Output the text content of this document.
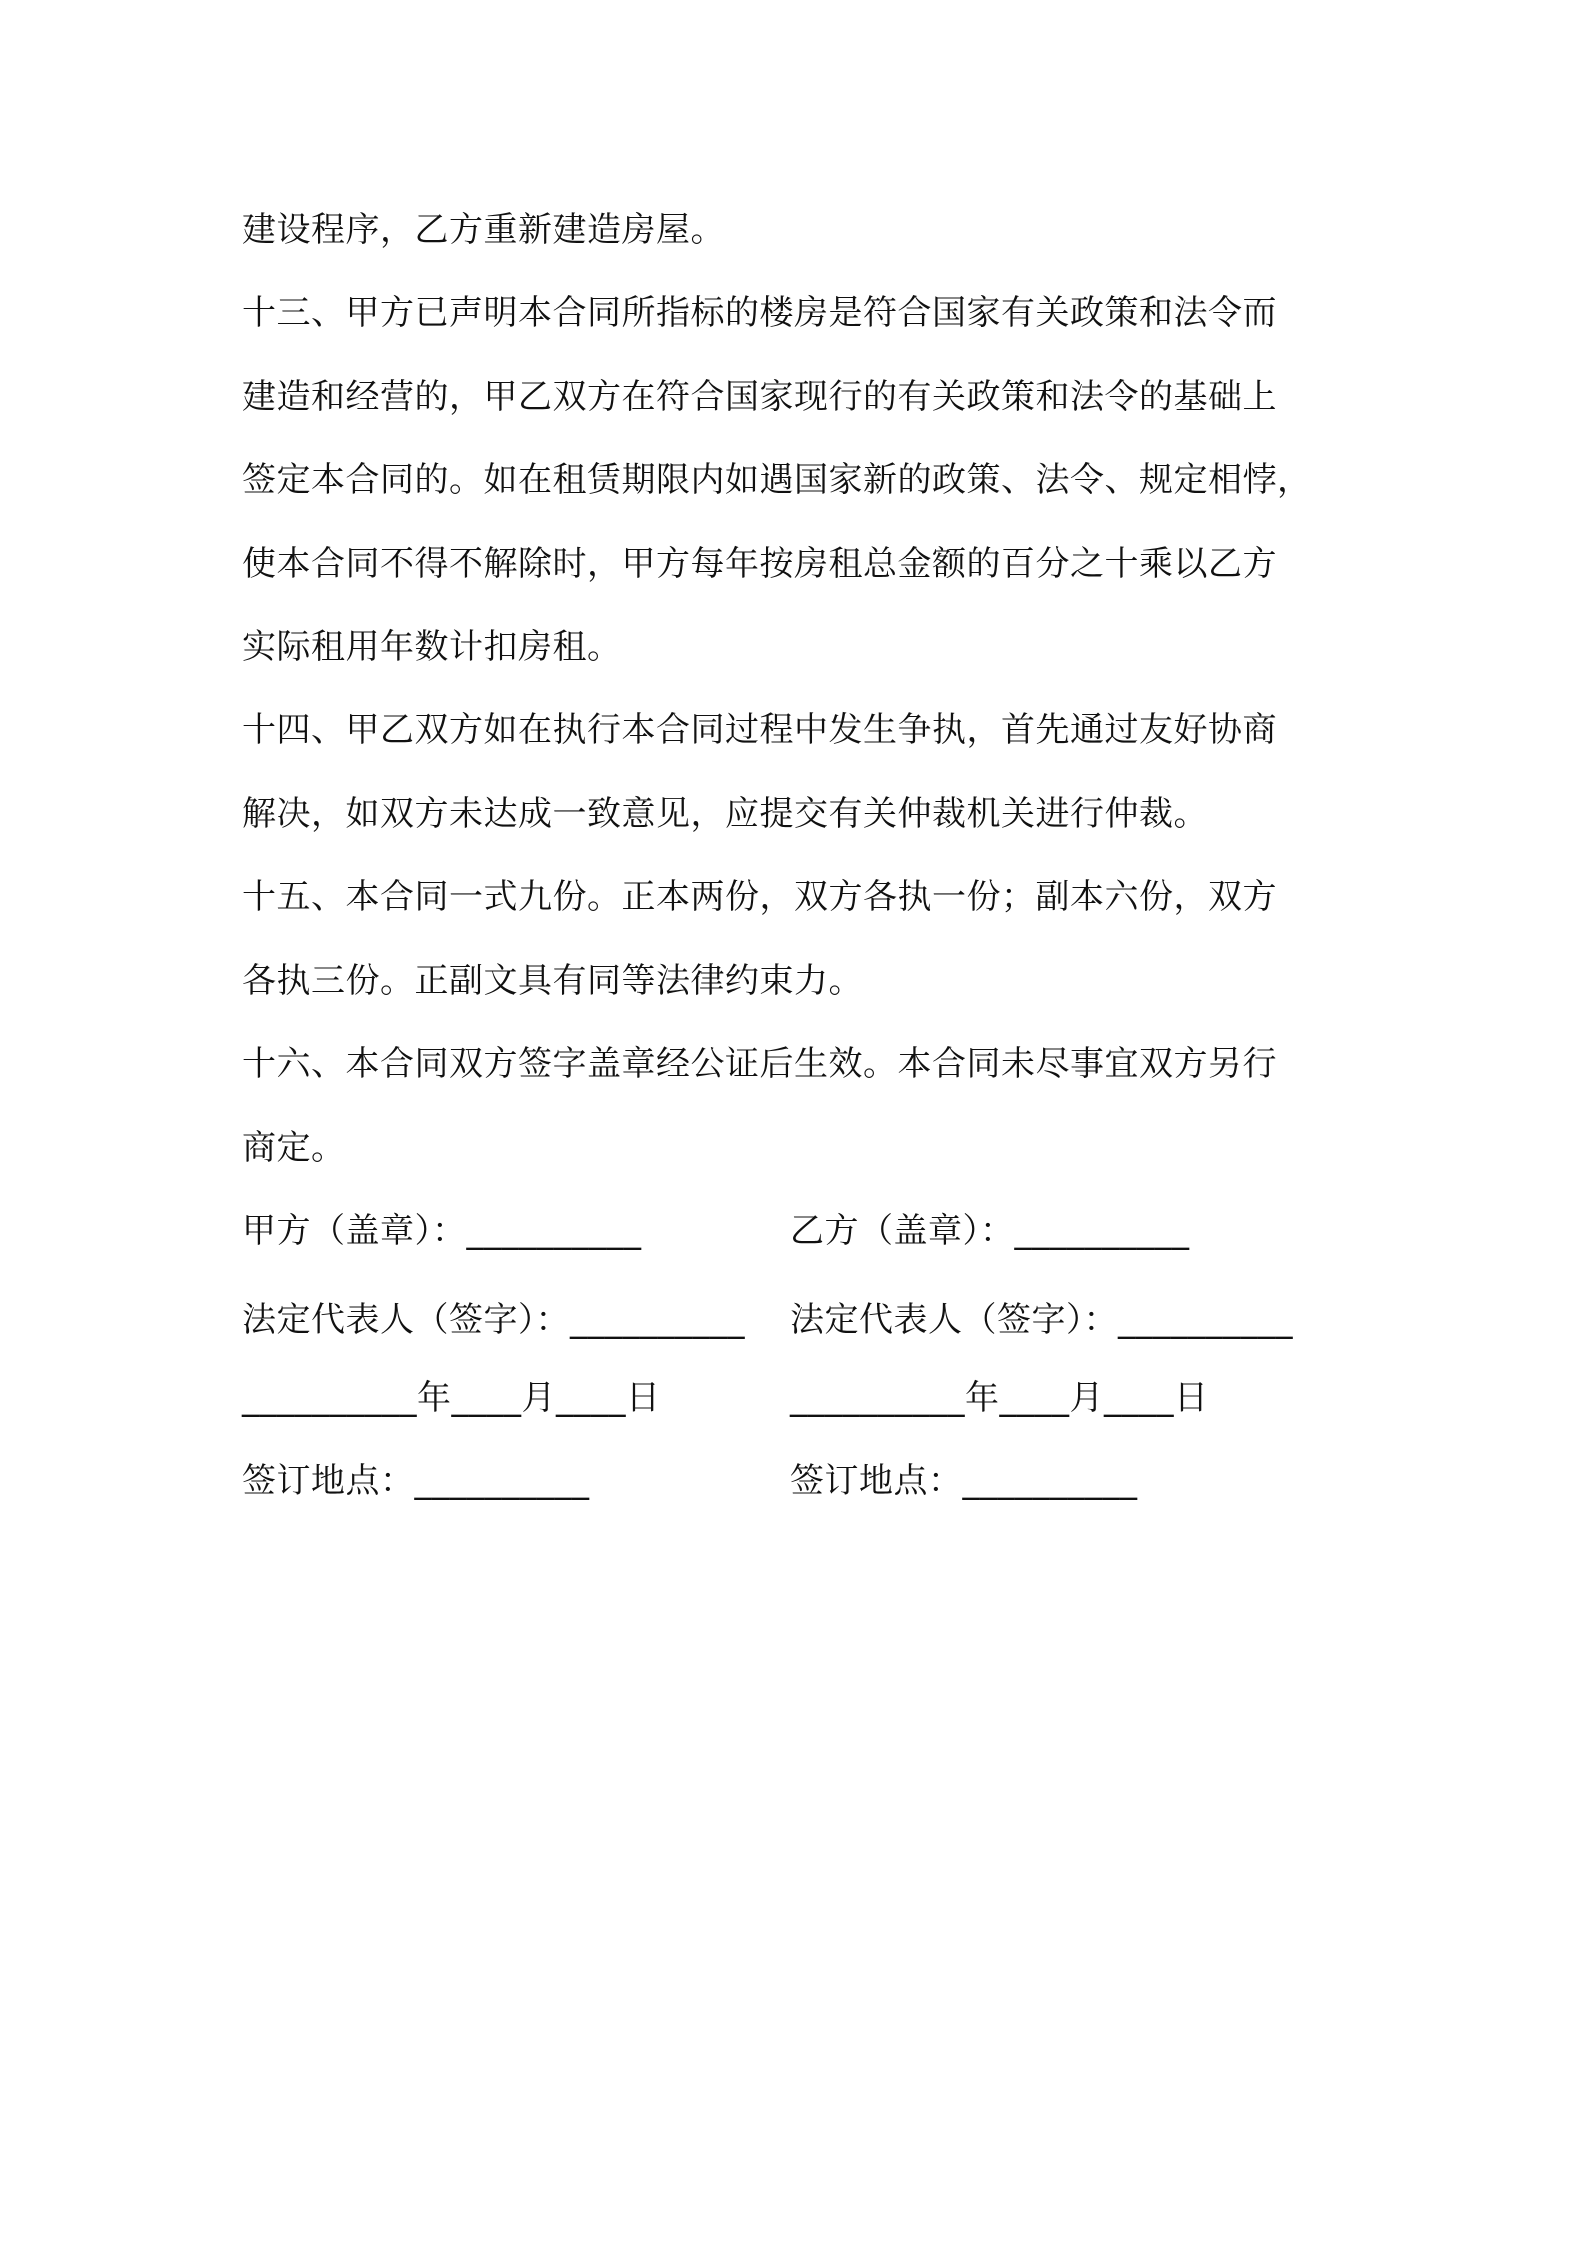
建设程序，乙方重新建造房屋。
十三、甲方已声明本合同所指标的楼房是符合国家有关政策和法令而
建造和经营的，甲乙双方在符合国家现行的有关政策和法令的基础上
签定本合同的。如在租赁期限内如遇国家新的政策、法令、规定相悖，
使本合同不得不解除时，甲方每年按房租总金额的百分之十乘以乙方
实际租用年数计扣房租。
十四、甲乙双方如在执行本合同过程中发生争执，首先通过友好协商
解决，如双方未达成一致意见，应提交有关仲裁机关进行仲裁。
十五、本合同一式九份。正本两份，双方各执一份；副本六份，双方
各执三份。正副文具有同等法律约束力。
十六、本合同双方签字盖章经公证后生效。本合同未尽事宜双方另行
商定。
甲方（盖章）：__________	乙方（盖章）：__________
法定代表人（签字）：__________ 法定代表人（签字）：__________
__________年____月____日	__________年____月____日
签订地点：__________	签订地点：__________
